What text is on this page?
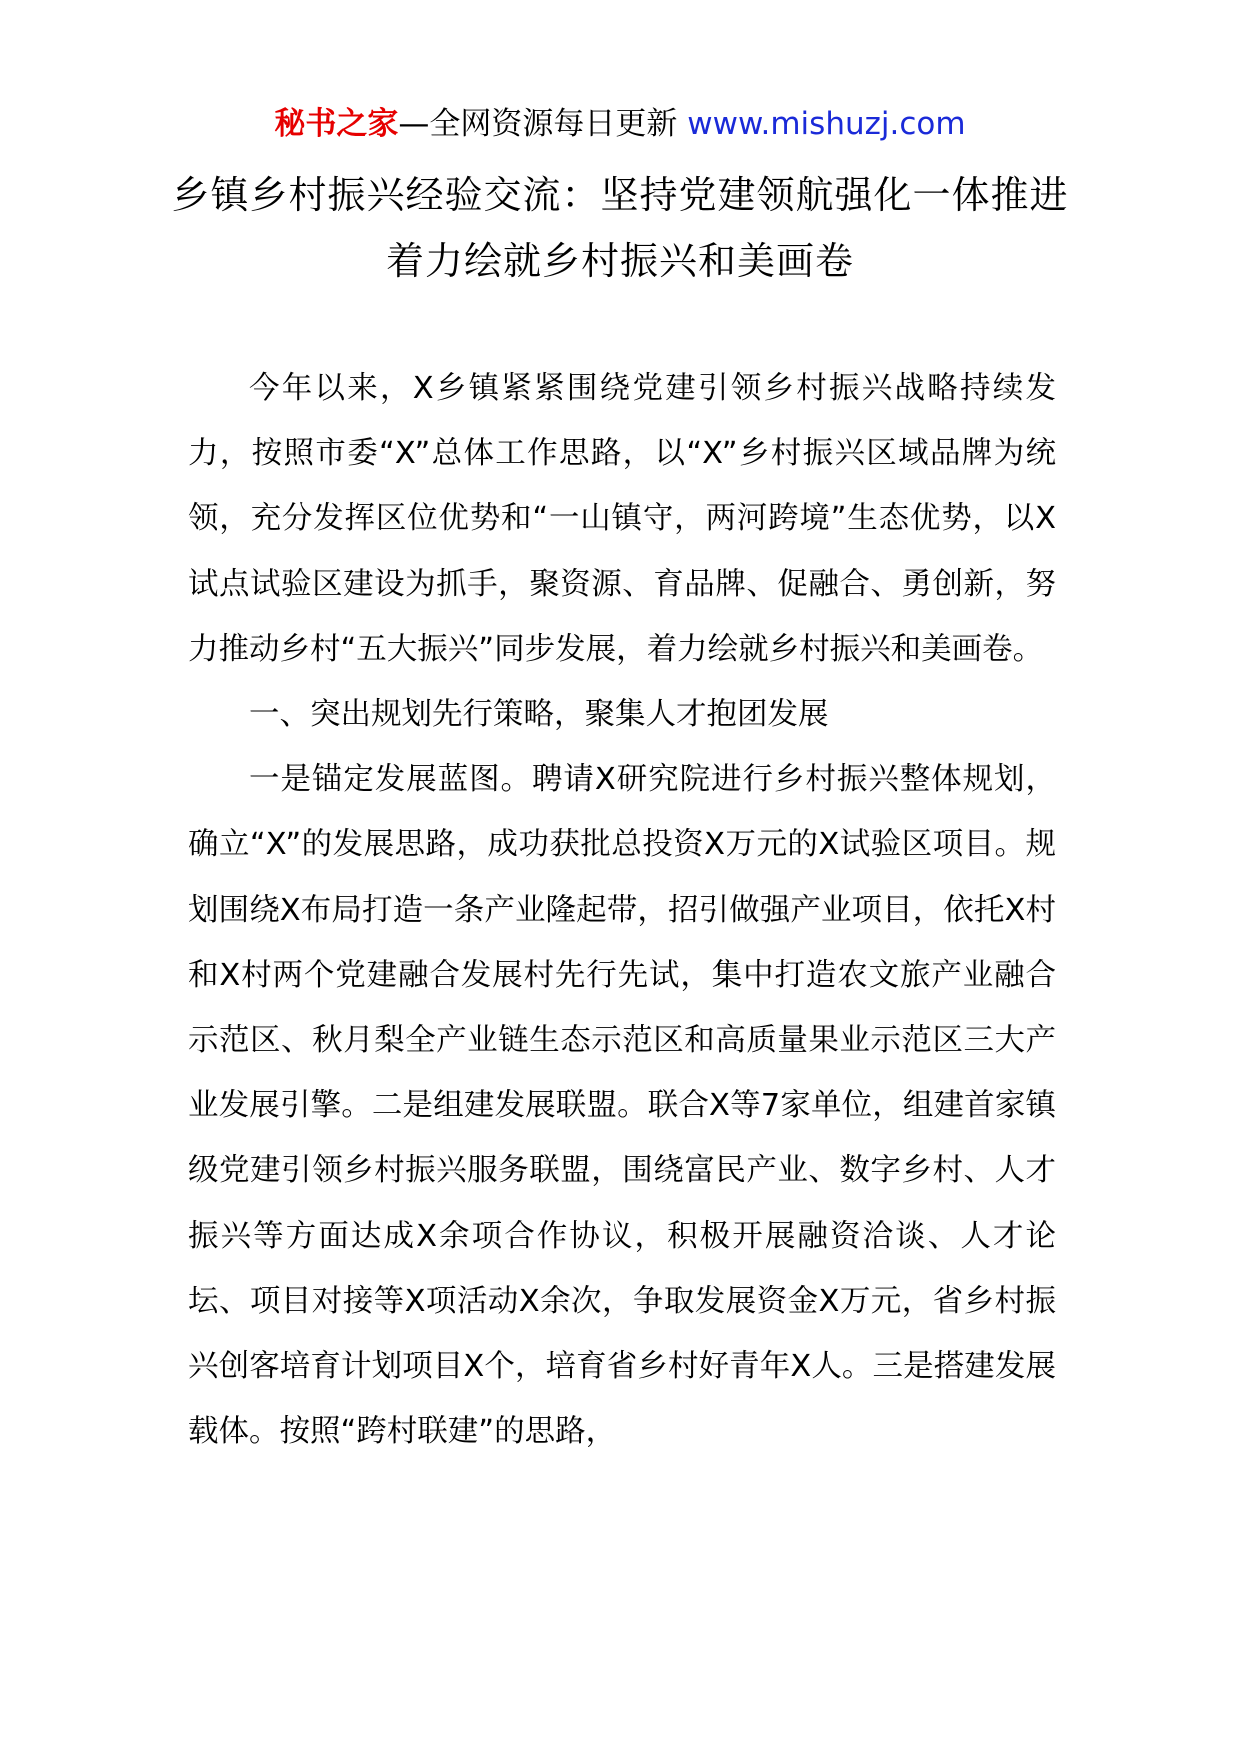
秘书之家—全网资源每日更新 www.mishuzj.com
乡镇乡村振兴经验交流：坚持党建领航强化一体推进着力绘就乡村振兴和美画卷

今年以来，X乡镇紧紧围绕党建引领乡村振兴战略持续发力，按照市委“X”总体工作思路，以“X”乡村振兴区域品牌为统领，充分发挥区位优势和“一山镇守，两河跨境”生态优势，以X试点试验区建设为抓手，聚资源、育品牌、促融合、勇创新，努力推动乡村“五大振兴”同步发展，着力绘就乡村振兴和美画卷。

一、突出规划先行策略，聚集人才抱团发展

一是锚定发展蓝图。聘请X研究院进行乡村振兴整体规划，确立“X”的发展思路，成功获批总投资X万元的X试验区项目。规划围绕X布局打造一条产业隆起带，招引做强产业项目，依托X村和X村两个党建融合发展村先行先试，集中打造农文旅产业融合示范区、秋月梨全产业链生态示范区和高质量果业示范区三大产业发展引擎。二是组建发展联盟。联合X等7家单位，组建首家镇级党建引领乡村振兴服务联盟，围绕富民产业、数字乡村、人才振兴等方面达成X余项合作协议，积极开展融资洽谈、人才论坛、项目对接等X项活动X余次，争取发展资金X万元，省乡村振兴创客培育计划项目X个，培育省乡村好青年X人。三是搭建发展载体。按照“跨村联建”的思路，
